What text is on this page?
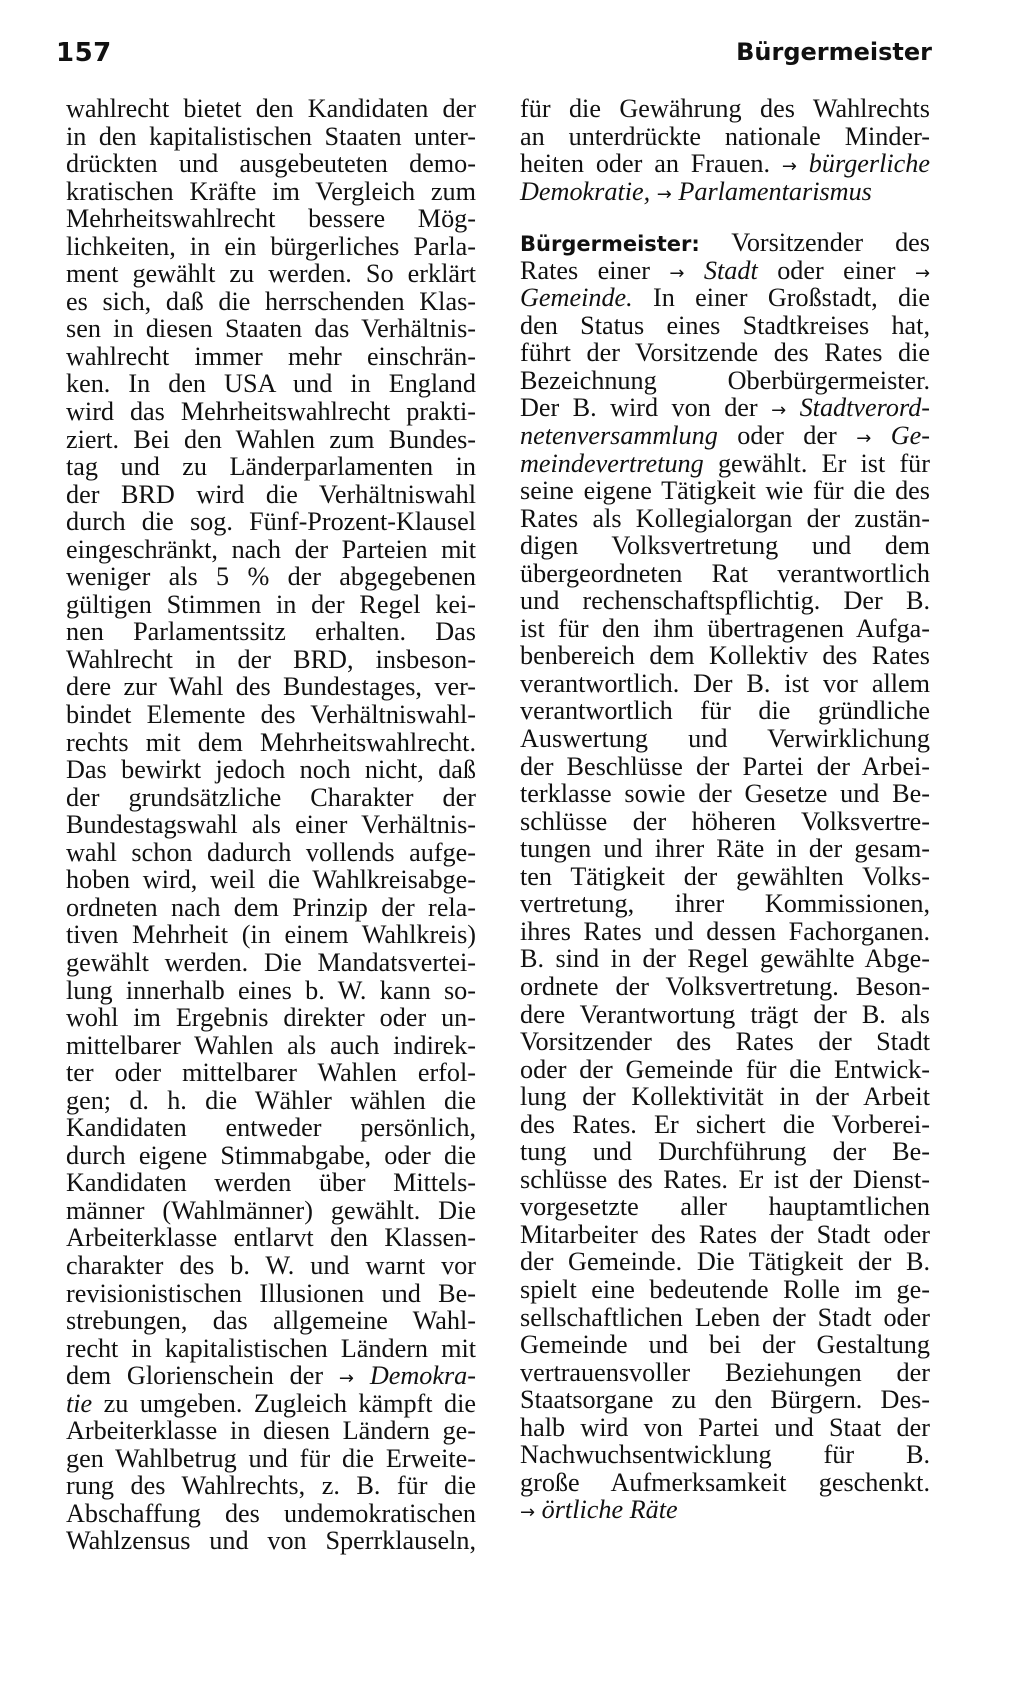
157	Bürgermeister
wahlrecht bietet den Kandidaten der
in den kapitalistischen Staaten unter-
drückten und ausgebeuteten demo-
kratischen Kräfte im Vergleich zum
Mehrheitswahlrecht bessere Mög-
lichkeiten, in ein bürgerliches Parla-
ment gewählt zu werden. So erklärt
es sich, daß die herrschenden Klas-
sen in diesen Staaten das Verhältnis-
wahlrecht immer mehr einschrän-
ken. In den USA und in England
wird das Mehrheitswahlrecht prakti-
ziert. Bei den Wahlen zum Bundes-
tag und zu Länderparlamenten in
der BRD wird die Verhältniswahl
durch die sog. Fünf-Prozent-Klausel
eingeschränkt, nach der Parteien mit
weniger als 5 % der abgegebenen
gültigen Stimmen in der Regel kei-
nen Parlamentssitz erhalten. Das
Wahlrecht in der BRD, insbeson-
dere zur Wahl des Bundestages, ver-
bindet Elemente des Verhältniswahl-
rechts mit dem Mehrheitswahlrecht.
Das bewirkt jedoch noch nicht, daß
der grundsätzliche Charakter der
Bundestagswahl als einer Verhältnis-
wahl schon dadurch vollends aufge-
hoben wird, weil die Wahlkreisabge-
ordneten nach dem Prinzip der rela-
tiven Mehrheit (in einem Wahlkreis)
gewählt werden. Die Mandatsvertei-
lung innerhalb eines b. W. kann so-
wohl im Ergebnis direkter oder un-
mittelbarer Wahlen als auch indirek-
ter oder mittelbarer Wahlen erfol-
gen; d. h. die Wähler wählen die
Kandidaten entweder persönlich,
durch eigene Stimmabgabe, oder die
Kandidaten werden über Mittels-
männer (Wahlmänner) gewählt. Die
Arbeiterklasse entlarvt den Klassen-
charakter des b. W. und warnt vor
revisionistischen Illusionen und Be-
strebungen, das allgemeine Wahl-
recht in kapitalistischen Ländern mit
dem Glorienschein der → Demokra-
tie zu umgeben. Zugleich kämpft die
Arbeiterklasse in diesen Ländern ge-
gen Wahlbetrug und für die Erweite-
rung des Wahlrechts, z. B. für die
Abschaffung des undemokratischen
Wahlzensus und von Sperrklauseln,
für die Gewährung des Wahlrechts
an unterdrückte nationale Minder-
heiten oder an Frauen. → bürgerliche
Demokratie, → Parlamentarismus
Bürgermeister: Vorsitzender des
Rates einer → Stadt oder einer →
Gemeinde. In einer Großstadt, die
den Status eines Stadtkreises hat,
führt der Vorsitzende des Rates die
Bezeichnung Oberbürgermeister.
Der B. wird von der → Stadtverord-
netenversammlung oder der → Ge-
meindevertretung gewählt. Er ist für
seine eigene Tätigkeit wie für die des
Rates als Kollegialorgan der zustän-
digen Volksvertretung und dem
übergeordneten Rat verantwortlich
und rechenschaftspflichtig. Der B.
ist für den ihm übertragenen Aufga-
benbereich dem Kollektiv des Rates
verantwortlich. Der B. ist vor allem
verantwortlich für die gründliche
Auswertung und Verwirklichung
der Beschlüsse der Partei der Arbei-
terklasse sowie der Gesetze und Be-
schlüsse der höheren Volksvertre-
tungen und ihrer Räte in der gesam-
ten Tätigkeit der gewählten Volks-
vertretung, ihrer Kommissionen,
ihres Rates und dessen Fachorganen.
B. sind in der Regel gewählte Abge-
ordnete der Volksvertretung. Beson-
dere Verantwortung trägt der B. als
Vorsitzender des Rates der Stadt
oder der Gemeinde für die Entwick-
lung der Kollektivität in der Arbeit
des Rates. Er sichert die Vorberei-
tung und Durchführung der Be-
schlüsse des Rates. Er ist der Dienst-
vorgesetzte aller hauptamtlichen
Mitarbeiter des Rates der Stadt oder
der Gemeinde. Die Tätigkeit der B.
spielt eine bedeutende Rolle im ge-
sellschaftlichen Leben der Stadt oder
Gemeinde und bei der Gestaltung
vertrauensvoller Beziehungen der
Staatsorgane zu den Bürgern. Des-
halb wird von Partei und Staat der
Nachwuchsentwicklung für B.
große Aufmerksamkeit geschenkt.
→ örtliche Räte
